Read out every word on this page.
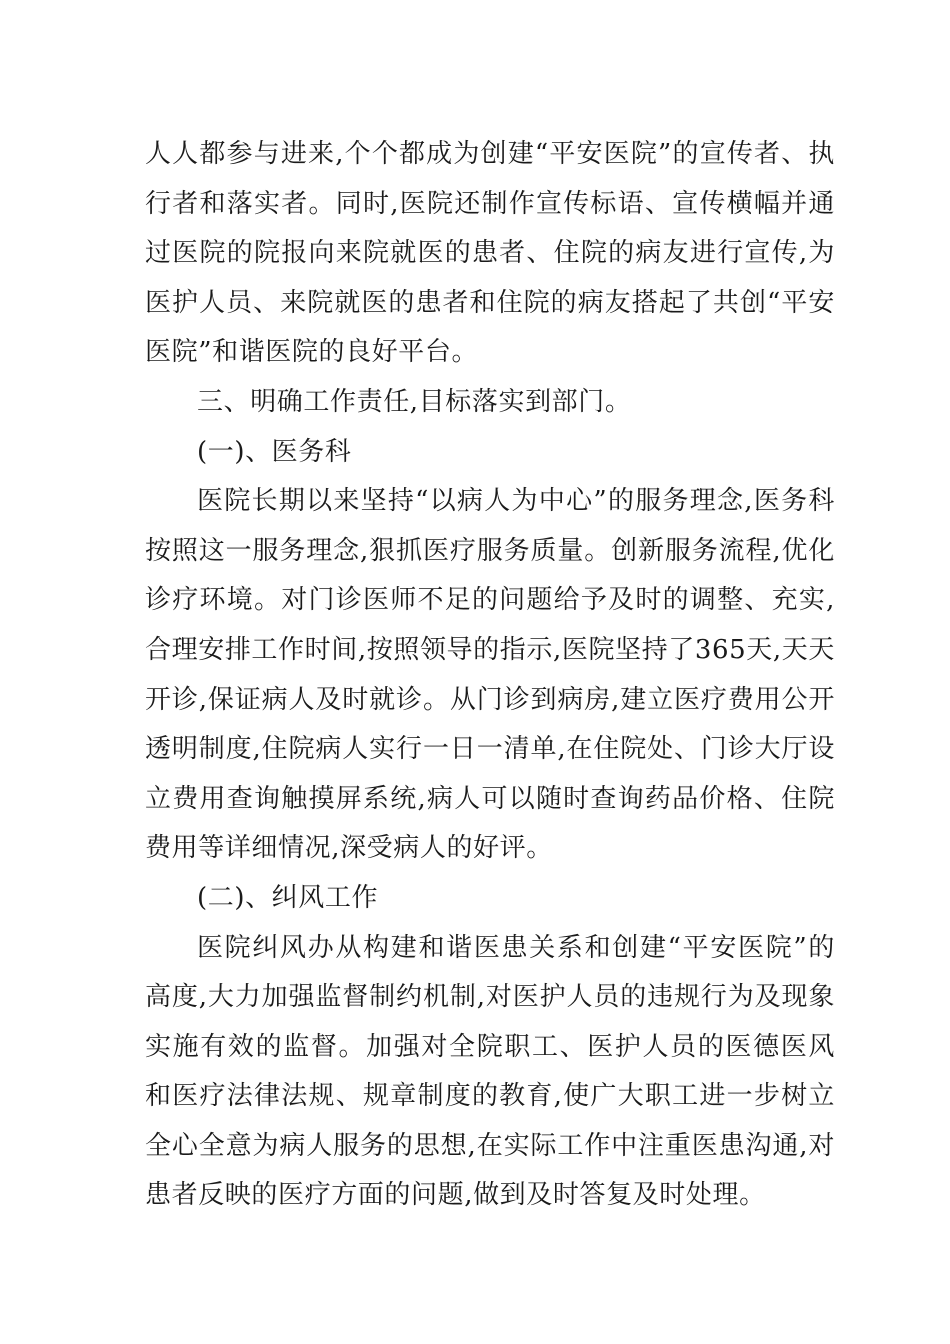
人人都参与进来,个个都成为创建“平安医院”的宣传者、执行者和落实者。同时,医院还制作宣传标语、宣传横幅并通过医院的院报向来院就医的患者、住院的病友进行宣传,为医护人员、来院就医的患者和住院的病友搭起了共创“平安医院”和谐医院的良好平台。

三、明确工作责任,目标落实到部门。

(一)、医务科

医院长期以来坚持“以病人为中心”的服务理念,医务科按照这一服务理念,狠抓医疗服务质量。创新服务流程,优化诊疗环境。对门诊医师不足的问题给予及时的调整、充实,合理安排工作时间,按照领导的指示,医院坚持了365天,天天开诊,保证病人及时就诊。从门诊到病房,建立医疗费用公开透明制度,住院病人实行一日一清单,在住院处、门诊大厅设立费用查询触摸屏系统,病人可以随时查询药品价格、住院费用等详细情况,深受病人的好评。

(二)、纠风工作

医院纠风办从构建和谐医患关系和创建“平安医院”的高度,大力加强监督制约机制,对医护人员的违规行为及现象实施有效的监督。加强对全院职工、医护人员的医德医风和医疗法律法规、规章制度的教育,使广大职工进一步树立全心全意为病人服务的思想,在实际工作中注重医患沟通,对患者反映的医疗方面的问题,做到及时答复及时处理。
